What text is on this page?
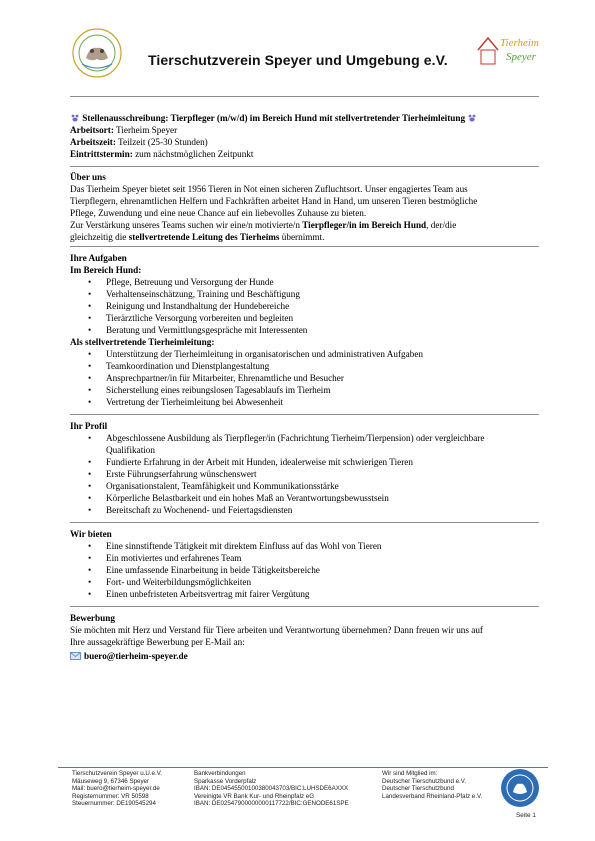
Tierschutzverein Speyer und Umgebung e.V.
Tierheim
Speyer
Stellenausschreibung: Tierpfleger (m/w/d) im Bereich Hund mit stellvertretender Tierheimleitung
Arbeitsort: Tierheim Speyer
Arbeitszeit: Teilzeit (25-30 Stunden)
Eintrittstermin: zum nächstmöglichen Zeitpunkt
Über uns
Das Tierheim Speyer bietet seit 1956 Tieren in Not einen sicheren Zufluchtsort. Unser engagiertes Team aus
Tierpflegern, ehrenamtlichen Helfern und Fachkräften arbeitet Hand in Hand, um unseren Tieren bestmögliche
Pflege, Zuwendung und eine neue Chance auf ein liebevolles Zuhause zu bieten.
Zur Verstärkung unseres Teams suchen wir eine/n motivierte/n Tierpfleger/in im Bereich Hund, der/die
gleichzeitig die stellvertretende Leitung des Tierheims übernimmt.
Ihre Aufgaben
Im Bereich Hund:
• Pflege, Betreuung und Versorgung der Hunde
• Verhaltenseinschätzung, Training und Beschäftigung
• Reinigung und Instandhaltung der Hundebereiche
• Tierärztliche Versorgung vorbereiten und begleiten
• Beratung und Vermittlungsgespräche mit Interessenten
Als stellvertretende Tierheimleitung:
• Unterstützung der Tierheimleitung in organisatorischen und administrativen Aufgaben
• Teamkoordination und Dienstplangestaltung
• Ansprechpartner/in für Mitarbeiter, Ehrenamtliche und Besucher
• Sicherstellung eines reibungslosen Tagesablaufs im Tierheim
• Vertretung der Tierheimleitung bei Abwesenheit
Ihr Profil
• Abgeschlossene Ausbildung als Tierpfleger/in (Fachrichtung Tierheim/Tierpension) oder vergleichbare
Qualifikation
• Fundierte Erfahrung in der Arbeit mit Hunden, idealerweise mit schwierigen Tieren
• Erste Führungserfahrung wünschenswert
• Organisationstalent, Teamfähigkeit und Kommunikationsstärke
• Körperliche Belastbarkeit und ein hohes Maß an Verantwortungsbewusstsein
• Bereitschaft zu Wochenend- und Feiertagsdiensten
Wir bieten
• Eine sinnstiftende Tätigkeit mit direktem Einfluss auf das Wohl von Tieren
• Ein motiviertes und erfahrenes Team
• Eine umfassende Einarbeitung in beide Tätigkeitsbereiche
• Fort- und Weiterbildungsmöglichkeiten
• Einen unbefristeten Arbeitsvertrag mit fairer Vergütung
Bewerbung
Sie möchten mit Herz und Verstand für Tiere arbeiten und Verantwortung übernehmen? Dann freuen wir uns auf
Ihre aussagekräftige Bewerbung per E-Mail an:
buero@tierheim-speyer.de
Tierschutzverein Speyer u.U.e.V.
Mäuseweg 9, 67346 Speyer
Mail: buero@tierheim-speyer.de
Registernummer: VR 50598
Steuernummer: DE190545294
Bankverbindungen
Sparkasse Vorderpfalz
IBAN: DE04545500100380043703/BIC:LUHSDE6AXXX
Vereinigte VR Bank Kur- und Rheinpfalz eG
IBAN: DE02547900000000117722/BIC:GENODE61SPE
Wir sind Mitglied im:
Deutscher Tierschutzbund e.V.
Deutscher Tierschutzbund
Landesverband Rheinland-Pfalz e.V.
Seite 1
